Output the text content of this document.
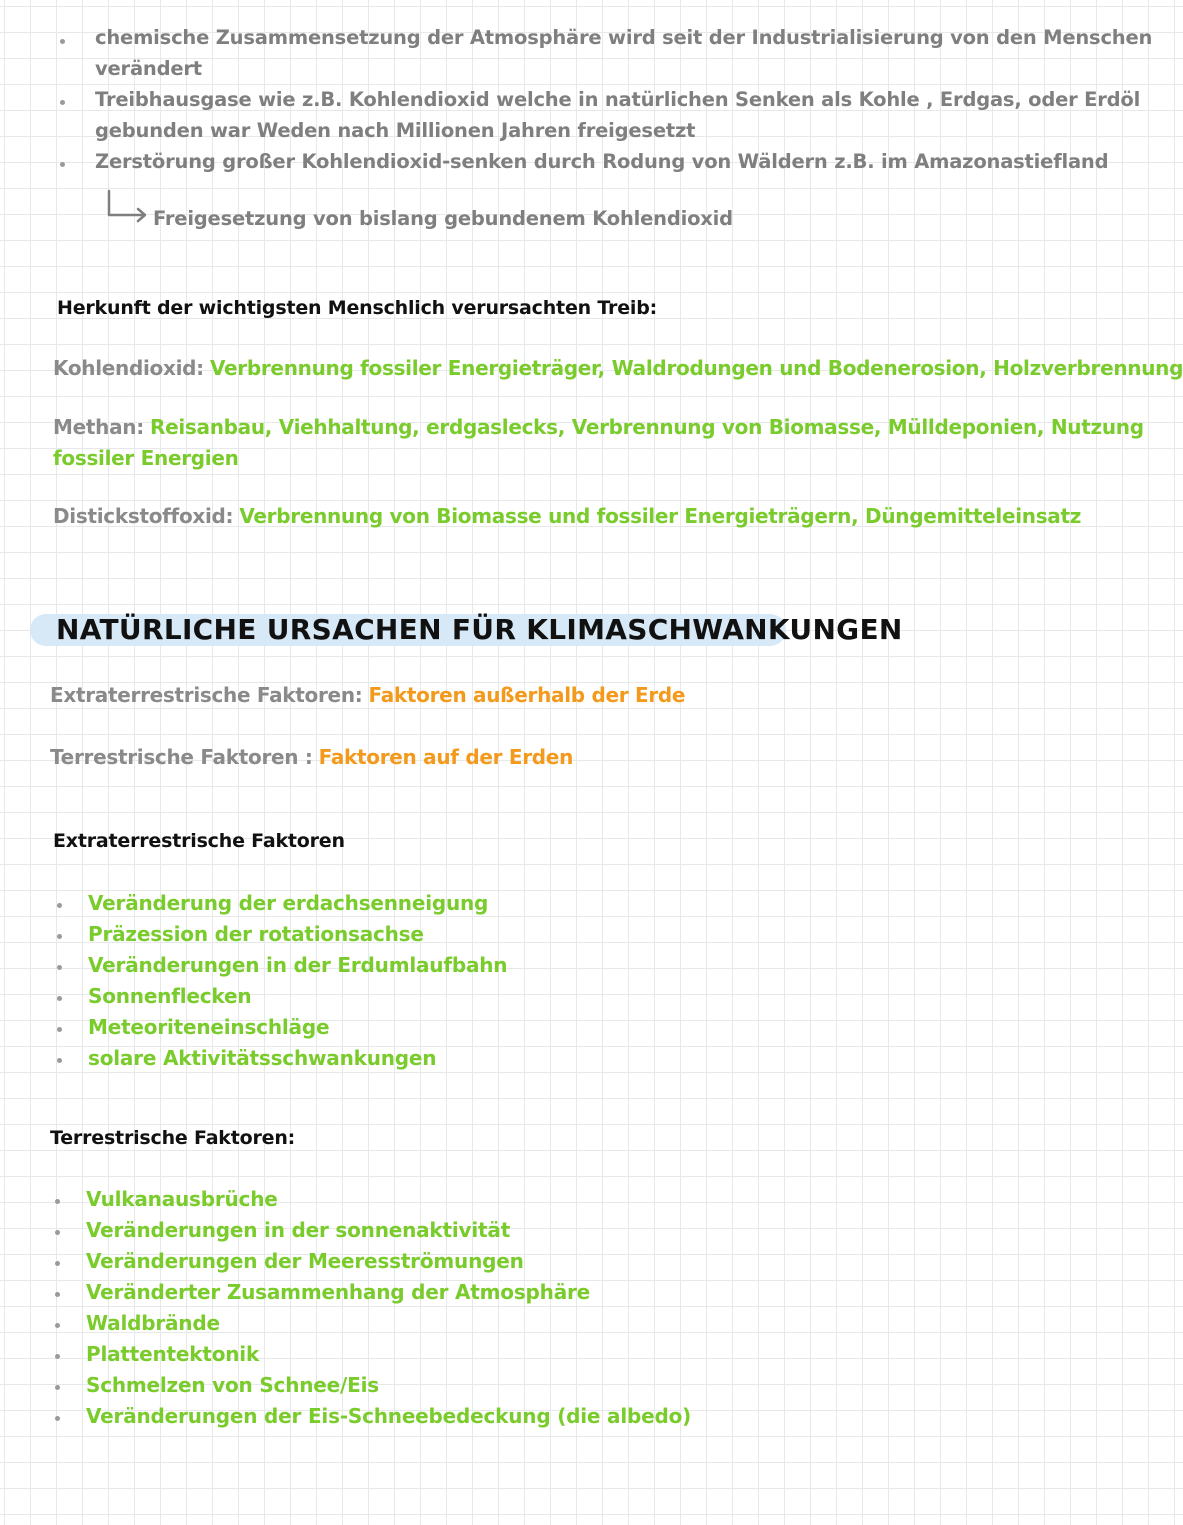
chemische Zusammensetzung der Atmosphäre wird seit der Industrialisierung von den Menschen
verändert
Treibhausgase wie z.B. Kohlendioxid welche in natürlichen Senken als Kohle , Erdgas, oder Erdöl
gebunden war Weden nach Millionen Jahren freigesetzt
Zerstörung großer Kohlendioxid-senken durch Rodung von Wäldern z.B. im Amazonastiefland
Freigesetzung von bislang gebundenem Kohlendioxid
Herkunft der wichtigsten Menschlich verursachten Treib:
Kohlendioxid: Verbrennung fossiler Energieträger, Waldrodungen und Bodenerosion, Holzverbrennung
Methan: Reisanbau, Viehhaltung, erdgaslecks, Verbrennung von Biomasse, Mülldeponien, Nutzung
fossiler Energien
Distickstoffoxid: Verbrennung von Biomasse und fossiler Energieträgern, Düngemitteleinsatz
NATÜRLICHE URSACHEN FÜR KLIMASCHWANKUNGEN
Extraterrestrische Faktoren: Faktoren außerhalb der Erde
Terrestrische Faktoren : Faktoren auf der Erden
Extraterrestrische Faktoren
Veränderung der erdachsenneigung
Präzession der rotationsachse
Veränderungen in der Erdumlaufbahn
Sonnenflecken
Meteoriteneinschläge
solare Aktivitätsschwankungen
Terrestrische Faktoren:
Vulkanausbrüche
Veränderungen in der sonnenaktivität
Veränderungen der Meeresströmungen
Veränderter Zusammenhang der Atmosphäre
Waldbrände
Plattentektonik
Schmelzen von Schnee/Eis
Veränderungen der Eis-Schneebedeckung (die albedo)
